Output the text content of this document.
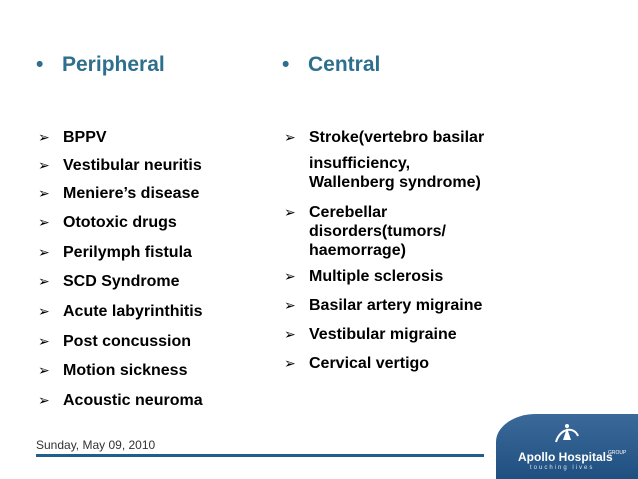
• Peripheral	• Central
➢ BPPV
➢ Vestibular neuritis
➢ Meniere’s disease
➢ Ototoxic drugs
➢ Perilymph fistula
➢ SCD Syndrome
➢ Acute labyrinthitis
➢ Post concussion
➢ Motion sickness
➢ Acoustic neuroma
➢ Stroke(vertebro basilar
insufficiency,
Wallenberg syndrome)
➢ Cerebellar
disorders(tumors/
haemorrage)
➢ Multiple sclerosis
➢ Basilar artery migraine
➢ Vestibular migraine
➢ Cervical vertigo
Sunday, May 09, 2010
Apollo Hospitals
GROUP
touching lives
